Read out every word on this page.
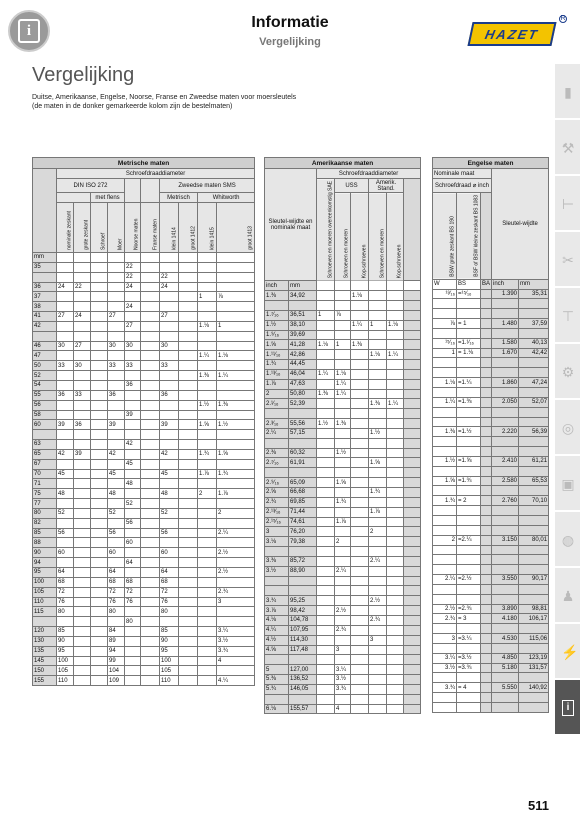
i	Informatie
Vergelijking
HAZET
R
Vergelijking
Duitse, Amerikaanse, Engelse, Noorse, Franse en Zweedse maten voor moersleutels
(de maten in de donker gemarkeerde kolom zijn de bestelmaten)
▮
⚒
⊢
✂
⊤
⚙
◎
▣
◍
♟
⚡
i
Metrische maten										
	Schroefdraaddiameter									
	DIN ISO 272						Zweedse maten SMS			
			met flens				Metrisch		Whitworth	

	nominale zeskant	grote zeskant	Schroef	Moer	Noorse maten	Franse maten	klein 1414	groot 1412	klein 1415	groot 1413
mm										
35					22					
					22		22			
36	24	22			24		24			
37									1	⅞
38					24					
41	27	24		27			27			
42					27				1.⅛	1

46	30	27		30	30		30			
47									1.¼	1.⅛
50	33	30		33	33		33			
52									1.⅜	1.¼
54					36					
55	36	33		36			36			
56									1.½	1.⅜
58					39					
60	39	36		39			39		1.⅝	1.½

63					42					
65	42	39		42			42		1.¾	1.⅝
67					45					
70	45			45			45		1.⅞	1.¾
71					48					
75	48			48			48		2	1.⅞
77					52					
80	52			52			52			2
82					56					
85	56			56			56			2.¼
88					60					
90	60			60			60			2.½
94					64					
95	64			64			64			2.½
100	68			68	68		68			
105	72			72	72		72			2.¾
110	76			76	76		76			3
115	80			80			80			
					80					
120	85			84			85			3.¼
130	90			89			90			3.½
135	95			94			95			3.¾
145	100			99			100			4
150	105			104			105			
155	110			109			110			4.¼
Amerikaanse maten							
Sleutel-wijdte en nominale maat		Schroefdraaddiameter					
		Schroeven en moeren overeenkomstig SAE	USS		Amerik. Stand.		
			Schroeven en moeren	Kop-schroeven	Schroeven en moeren	Kop-schroeven	

inch	mm						
1.⅜	34,92			1.⅛			

1.⁷⁄₁₆	36,51	1	⅞				
1.½	38,10			1.¼	1	1.⅛	
1.⁹⁄₁₆	39,69						
1.⅝	41,28	1.⅛	1	1.⅜			
1.¹¹⁄₁₆	42,86				1.⅛	1.¼	
1.¾	44,45						
1.¹³⁄₁₆	46,04	1.¼	1.⅛				
1.⅞	47,63		1.¼				
2	50,80	1.⅜	1.¼				
2.¹⁄₁₆	52,39				1.⅜	1.¼	

2.³⁄₁₆	55,56	1.½	1.⅜				
2.¼	57,15				1.½		

2.⅜	60,32		1.½				
2.⁷⁄₁₆	61,91				1.⅝		

2.⁹⁄₁₆	65,09		1.⅝				
2.⅝	66,68				1.¾		
2.¾	69,85		1.¾				
2.¹³⁄₁₆	71,44				1.⅞		
2.¹⁵⁄₁₆	74,61		1.⅞				
3	76,20				2		
3.⅛	79,38		2				

3.⅜	85,72				2.¼		
3.½	88,90		2.¼				

3.¾	95,25				2.½		
3.⅞	98,42		2.½				
4.⅛	104,78				2.¾		
4.¼	107,95		2.¾				
4.½	114,30				3		
4.⅝	117,48		3				

5	127,00		3.¼				
5.⅜	136,52		3.½				
5.¾	146,05		3.¾				

6.⅛	155,57		4				
Engelse maten				
Nominale maat			Sleutel-wijdte	
Schroefdraad ⌀ inch				
BSW grote zeskant BS 190	BSF of BSW kleine zeskant BS 1083			
W	BS	BA	inch	mm
¹³⁄₁₆	=¹⁵⁄₁₆		1.390	35,31

⅞	= 1		1.480	37,59

¹⁵⁄₁₆	=1.¹⁄₁₆		1.580	40,13
1	= 1.⅛		1.670	42,42

1.⅛	=1.¼		1.860	47,24

1.¼	=1.⅜		2.050	52,07

1.⅜	=1.½		2.220	56,39

1.½	=1.⅝		2.410	61,21

1.⅝	=1.¾		2.580	65,53

1.¾	= 2		2.760	70,10

2	=2.¼		3.150	80,01

2.¼	=2.½		3.550	90,17

2.½	=2.¾		3.890	98,81
2.¾	= 3		4.180	106,17

3	=3.¼		4.530	115,06

3.¼	=3.½		4.850	123,19
3.½	=3.¾		5.180	131,57

3.¾	= 4		5.550	140,92

511
